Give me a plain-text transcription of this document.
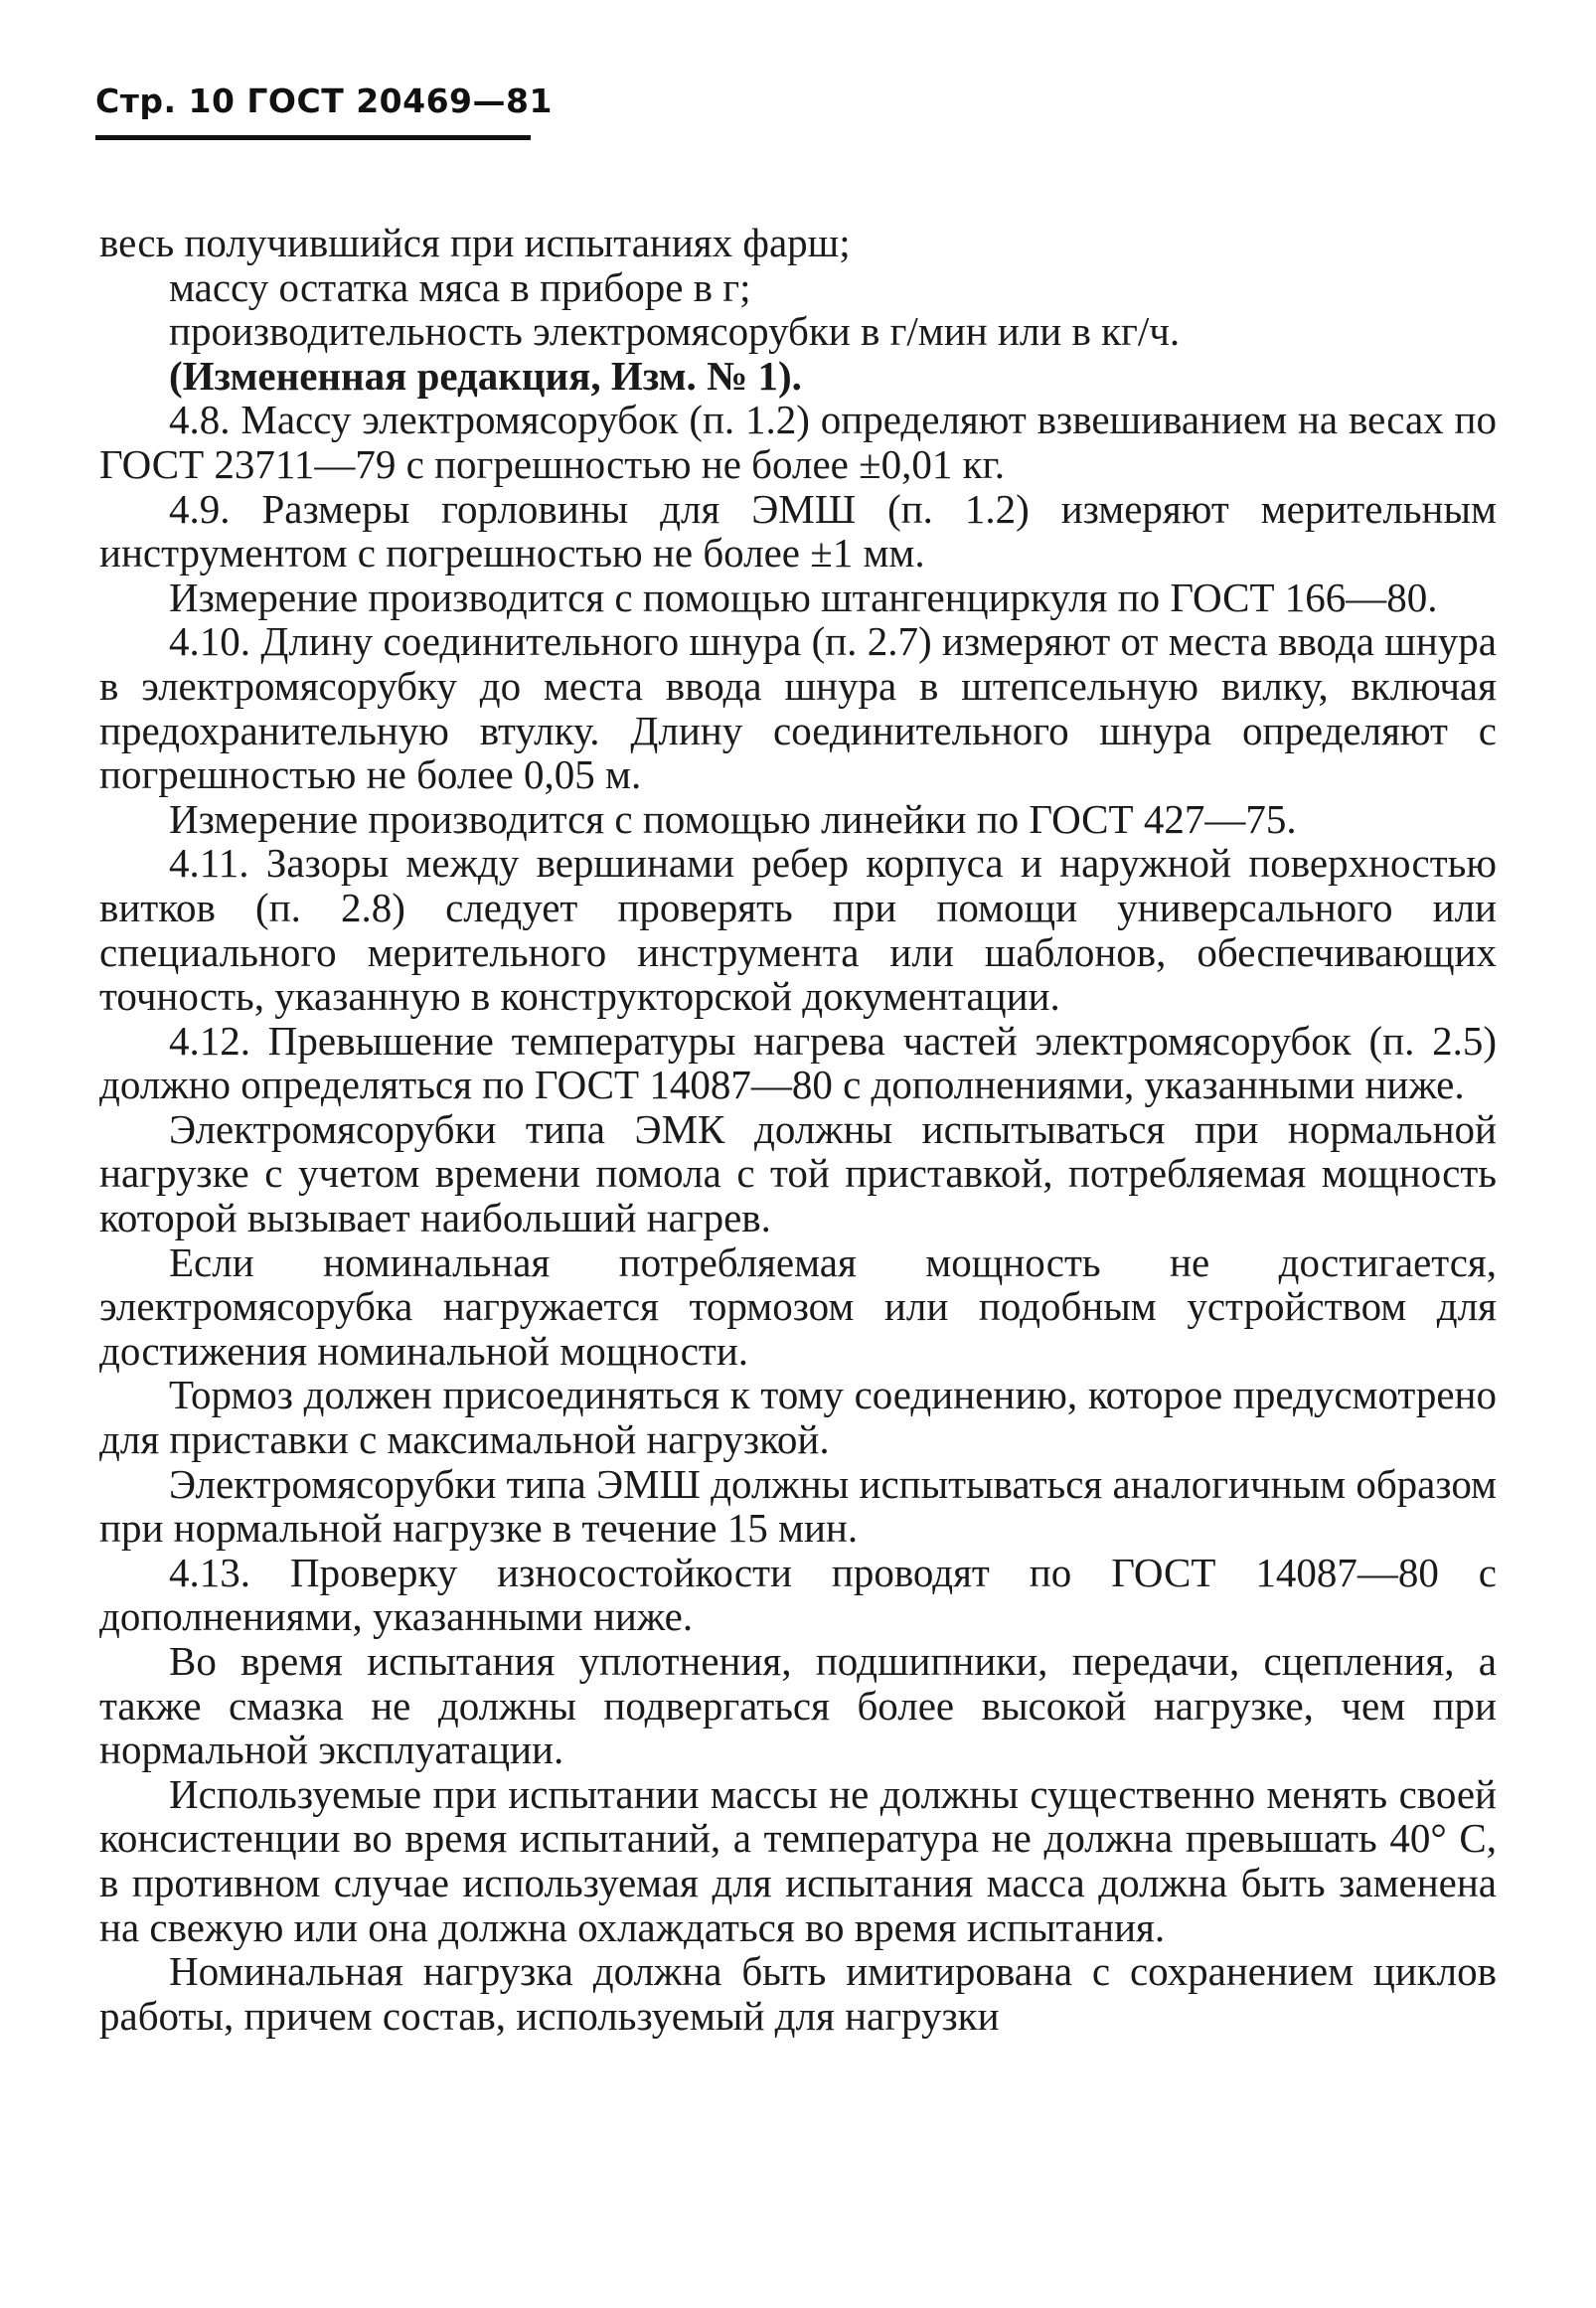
Стр. 10 ГОСТ 20469—81

весь получившийся при испытаниях фарш;

массу остатка мяса в приборе в г;

производительность электромясорубки в г/мин или в кг/ч.

(Измененная редакция, Изм. № 1).

4.8. Массу электромясорубок (п. 1.2) определяют взвешиванием на весах по ГОСТ 23711—79 с погрешностью не более ±0,01 кг.

4.9. Размеры горловины для ЭМШ (п. 1.2) измеряют мерительным инструментом с погрешностью не более ±1 мм.

Измерение производится с помощью штангенциркуля по ГОСТ 166—80.

4.10. Длину соединительного шнура (п. 2.7) измеряют от места ввода шнура в электромясорубку до места ввода шнура в штепсельную вилку, включая предохранительную втулку. Длину соединительного шнура определяют с погрешностью не более 0,05 м.

Измерение производится с помощью линейки по ГОСТ 427—75.

4.11. Зазоры между вершинами ребер корпуса и наружной поверхностью витков (п. 2.8) следует проверять при помощи универсального или специального мерительного инструмента или шаблонов, обеспечивающих точность, указанную в конструкторской документации.

4.12. Превышение температуры нагрева частей электромясорубок (п. 2.5) должно определяться по ГОСТ 14087—80 с дополнениями, указанными ниже.

Электромясорубки типа ЭМК должны испытываться при нормальной нагрузке с учетом времени помола с той приставкой, потребляемая мощность которой вызывает наибольший нагрев.

Если номинальная потребляемая мощность не достигается, электромясорубка нагружается тормозом или подобным устройством для достижения номинальной мощности.

Тормоз должен присоединяться к тому соединению, которое предусмотрено для приставки с максимальной нагрузкой.

Электромясорубки типа ЭМШ должны испытываться аналогичным образом при нормальной нагрузке в течение 15 мин.

4.13. Проверку износостойкости проводят по ГОСТ 14087—80 с дополнениями, указанными ниже.

Во время испытания уплотнения, подшипники, передачи, сцепления, а также смазка не должны подвергаться более высокой нагрузке, чем при нормальной эксплуатации.

Используемые при испытании массы не должны существенно менять своей консистенции во время испытаний, а температура не должна превышать 40° С, в противном случае используемая для испытания масса должна быть заменена на свежую или она должна охлаждаться во время испытания.

Номинальная нагрузка должна быть имитирована с сохранением циклов работы, причем состав, используемый для нагрузки
